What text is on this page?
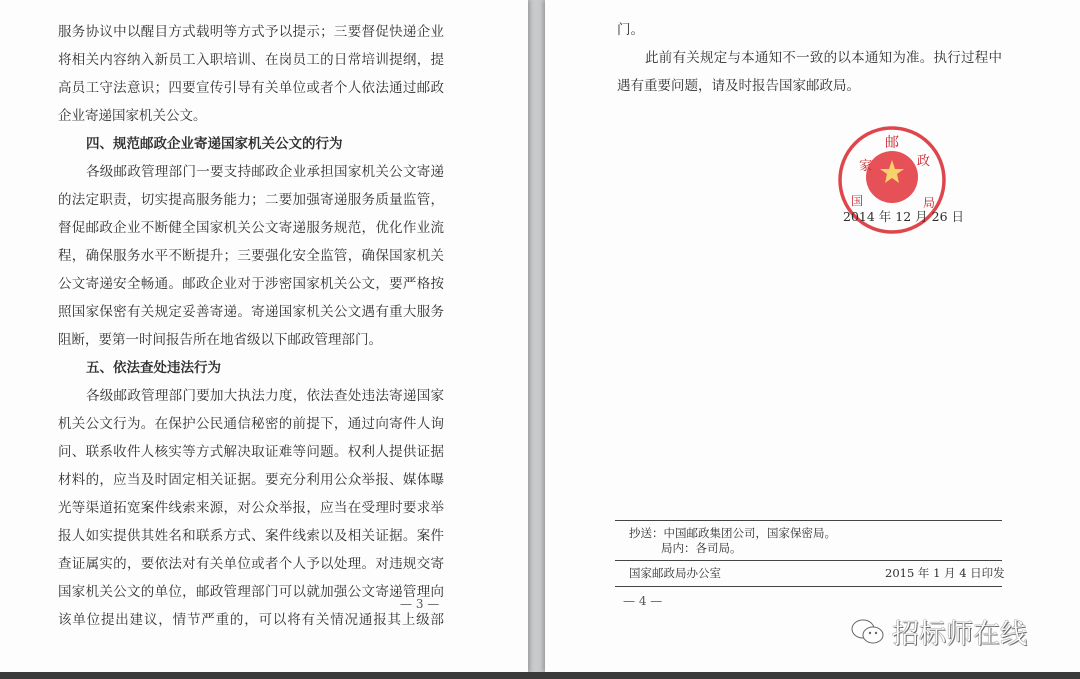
服务协议中以醒目方式载明等方式予以提示；三要督促快递企业
将相关内容纳入新员工入职培训、在岗员工的日常培训提纲，提
高员工守法意识；四要宣传引导有关单位或者个人依法通过邮政
企业寄递国家机关公文。
四、规范邮政企业寄递国家机关公文的行为
各级邮政管理部门一要支持邮政企业承担国家机关公文寄递
的法定职责，切实提高服务能力；二要加强寄递服务质量监管，
督促邮政企业不断健全国家机关公文寄递服务规范，优化作业流
程，确保服务水平不断提升；三要强化安全监管，确保国家机关
公文寄递安全畅通。邮政企业对于涉密国家机关公文，要严格按
照国家保密有关规定妥善寄递。寄递国家机关公文遇有重大服务
阻断，要第一时间报告所在地省级以下邮政管理部门。
五、依法查处违法行为
各级邮政管理部门要加大执法力度，依法查处违法寄递国家
机关公文行为。在保护公民通信秘密的前提下，通过向寄件人询
问、联系收件人核实等方式解决取证难等问题。权利人提供证据
材料的，应当及时固定相关证据。要充分利用公众举报、媒体曝
光等渠道拓宽案件线索来源，对公众举报，应当在受理时要求举
报人如实提供其姓名和联系方式、案件线索以及相关证据。案件
查证属实的，要依法对有关单位或者个人予以处理。对违规交寄
国家机关公文的单位，邮政管理部门可以就加强公文寄递管理向
该单位提出建议，情节严重的，可以将有关情况通报其上级部
— 3 —
门。
此前有关规定与本通知不一致的以本通知为准。执行过程中
遇有重要问题，请及时报告国家邮政局。
邮
家	政
国	局
2014 年 12 月 26 日
抄送：中国邮政集团公司，国家保密局。
局内：各司局。
国家邮政局办公室	2015 年 1 月 4 日印发
— 4 —
招标师在线
